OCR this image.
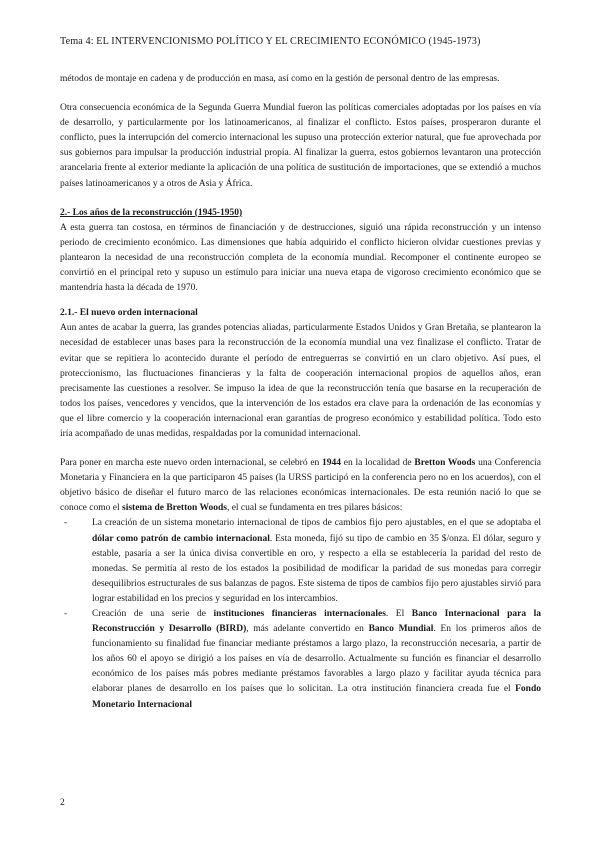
Tema 4: EL INTERVENCIONISMO POLÍTICO Y EL CRECIMIENTO ECONÓMICO (1945-1973)

métodos de montaje en cadena y de producción en masa, así como en la gestión de personal dentro de las empresas.

Otra consecuencia económica de la Segunda Guerra Mundial fueron las políticas comerciales adoptadas por los países en vía de desarrollo, y particularmente por los latinoamericanos, al finalizar el conflicto. Estos países, prosperaron durante el conflicto, pues la interrupción del comercio internacional les supuso una protección exterior natural, que fue aprovechada por sus gobiernos para impulsar la producción industrial propia. Al finalizar la guerra, estos gobiernos levantaron una protección arancelaria frente al exterior mediante la aplicación de una política de sustitución de importaciones, que se extendió a muchos países latinoamericanos y a otros de Asia y África.

2.- Los años de la reconstrucción (1945-1950)

A esta guerra tan costosa, en términos de financiación y de destrucciones, siguió una rápida reconstrucción y un intenso periodo de crecimiento económico. Las dimensiones que había adquirido el conflicto hicieron olvidar cuestiones previas y plantearon la necesidad de una reconstrucción completa de la economía mundial. Recomponer el continente europeo se convirtió en el principal reto y supuso un estímulo para iniciar una nueva etapa de vigoroso crecimiento económico que se mantendría hasta la década de 1970.

2.1.- El nuevo orden internacional

Aun antes de acabar la guerra, las grandes potencias aliadas, particularmente Estados Unidos y Gran Bretaña, se plantearon la necesidad de establecer unas bases para la reconstrucción de la economía mundial una vez finalizase el conflicto. Tratar de evitar que se repitiera lo acontecido durante el período de entreguerras se convirtió en un claro objetivo. Así pues, el proteccionismo, las fluctuaciones financieras y la falta de cooperación internacional propios de aquellos años, eran precisamente las cuestiones a resolver. Se impuso la idea de que la reconstrucción tenía que basarse en la recuperación de todos los países, vencedores y vencidos, que la intervención de los estados era clave para la ordenación de las economías y que el libre comercio y la cooperación internacional eran garantías de progreso económico y estabilidad política. Todo esto iría acompañado de unas medidas, respaldadas por la comunidad internacional.

Para poner en marcha este nuevo orden internacional, se celebró en 1944 en la localidad de Bretton Woods una Conferencia Monetaria y Financiera en la que participaron 45 países (la URSS participó en la conferencia pero no en los acuerdos), con el objetivo básico de diseñar el futuro marco de las relaciones económicas internacionales. De esta reunión nació lo que se conoce como el sistema de Bretton Woods, el cual se fundamenta en tres pilares básicos:

-	La creación de un sistema monetario internacional de tipos de cambios fijo pero ajustables, en el que se adoptaba el dólar como patrón de cambio internacional. Esta moneda, fijó su tipo de cambio en 35 $/onza. El dólar, seguro y estable, pasaría a ser la única divisa convertible en oro, y respecto a ella se establecería la paridad del resto de monedas. Se permitía al resto de los estados la posibilidad de modificar la paridad de sus monedas para corregir desequilibrios estructurales de sus balanzas de pagos. Este sistema de tipos de cambios fijo pero ajustables sirvió para lograr estabilidad en los precios y seguridad en los intercambios.
-	Creación de una serie de instituciones financieras internacionales. El Banco Internacional para la Reconstrucción y Desarrollo (BIRD), más adelante convertido en Banco Mundial. En los primeros años de funcionamiento su finalidad fue financiar mediante préstamos a largo plazo, la reconstrucción necesaria, a partir de los años 60 el apoyo se dirigió a los países en vía de desarrollo. Actualmente su función es financiar el desarrollo económico de los países más pobres mediante préstamos favorables a largo plazo y facilitar ayuda técnica para elaborar planes de desarrollo en los países que lo solicitan. La otra institución financiera creada fue el Fondo Monetario Internacional
2
